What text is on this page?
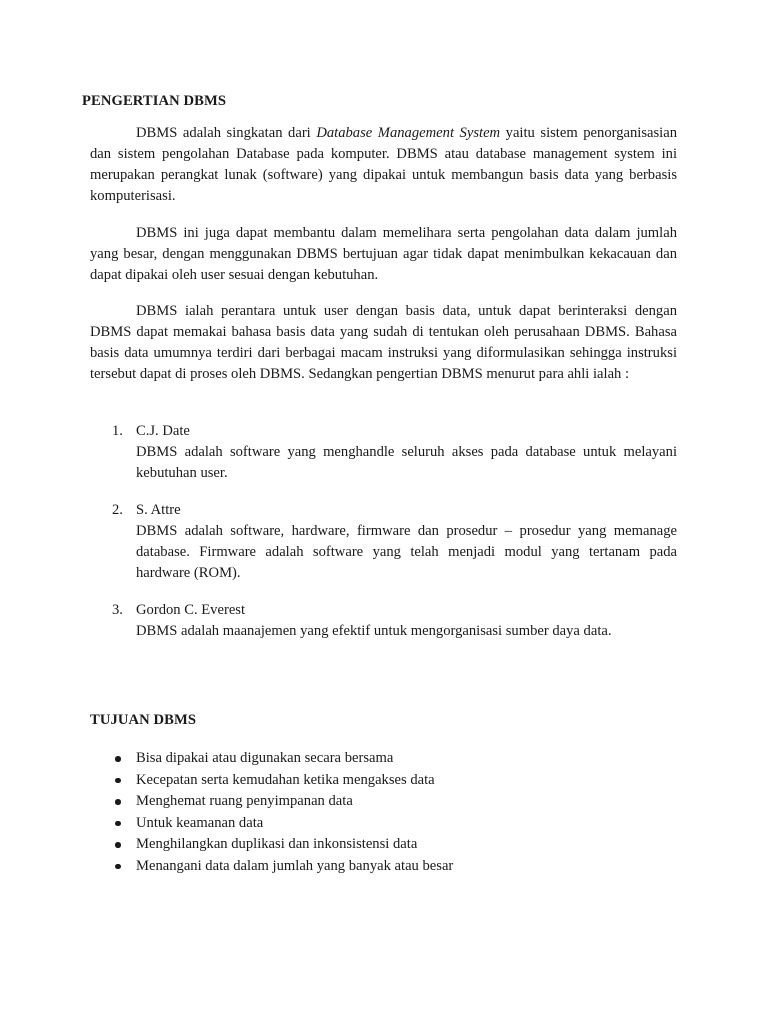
PENGERTIAN DBMS

DBMS adalah singkatan dari Database Management System yaitu sistem penorganisasian dan sistem pengolahan Database pada komputer. DBMS atau database management system ini merupakan perangkat lunak (software) yang dipakai untuk membangun basis data yang berbasis komputerisasi.

DBMS ini juga dapat membantu dalam memelihara serta pengolahan data dalam jumlah yang besar, dengan menggunakan DBMS bertujuan agar tidak dapat menimbulkan kekacauan dan dapat dipakai oleh user sesuai dengan kebutuhan.

DBMS ialah perantara untuk user dengan basis data, untuk dapat berinteraksi dengan DBMS dapat memakai bahasa basis data yang sudah di tentukan oleh perusahaan DBMS. Bahasa basis data umumnya terdiri dari berbagai macam instruksi yang diformulasikan sehingga instruksi tersebut dapat di proses oleh DBMS. Sedangkan pengertian DBMS menurut para ahli ialah :

1. C.J. Date

DBMS adalah software yang menghandle seluruh akses pada database untuk melayani kebutuhan user.

2. S. Attre

DBMS adalah software, hardware, firmware dan prosedur – prosedur yang memanage database. Firmware adalah software yang telah menjadi modul yang tertanam pada hardware (ROM).

3. Gordon C. Everest

DBMS adalah maanajemen yang efektif untuk mengorganisasi sumber daya data.

TUJUAN DBMS
Bisa dipakai atau digunakan secara bersama
Kecepatan serta kemudahan ketika mengakses data
Menghemat ruang penyimpanan data
Untuk keamanan data
Menghilangkan duplikasi dan inkonsistensi data
Menangani data dalam jumlah yang banyak atau besar
